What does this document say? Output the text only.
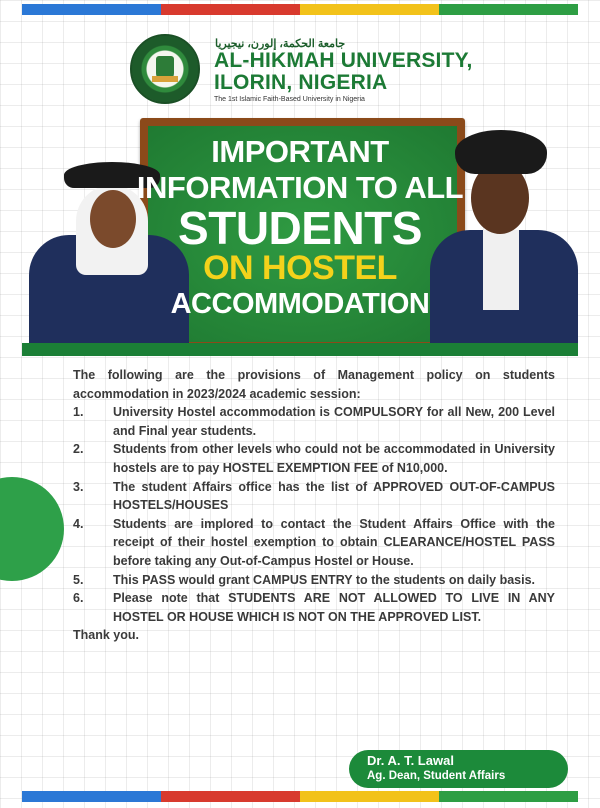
جامعة الحكمة، إلورن، نيجيريا
AL-HIKMAH UNIVERSITY,
ILORIN, NIGERIA
The 1st Islamic Faith-Based University in Nigeria
IMPORTANT
INFORMATION TO ALL
STUDENTS
ON HOSTEL
ACCOMMODATION

The following are the provisions of Management policy on students accommodation in 2023/2024 academic session:

1.	University Hostel accommodation is COMPULSORY for all New, 200 Level and Final year students.
2.	Students from other levels who could not be accommodated in University hostels are to pay HOSTEL EXEMPTION FEE of N10,000.
3.	The student Affairs office has the list of APPROVED OUT-OF-CAMPUS HOSTELS/HOUSES
4.	Students are implored to contact the Student Affairs Office with the receipt of their hostel exemption to obtain CLEARANCE/HOSTEL PASS before taking any Out-of-Campus Hostel or House.
5.	This PASS would grant CAMPUS ENTRY to the students on daily basis.
6.	Please note that STUDENTS ARE NOT ALLOWED TO LIVE IN ANY HOSTEL OR HOUSE WHICH IS NOT ON THE APPROVED LIST.

Thank you.

Dr. A. T. Lawal
Ag. Dean, Student Affairs
